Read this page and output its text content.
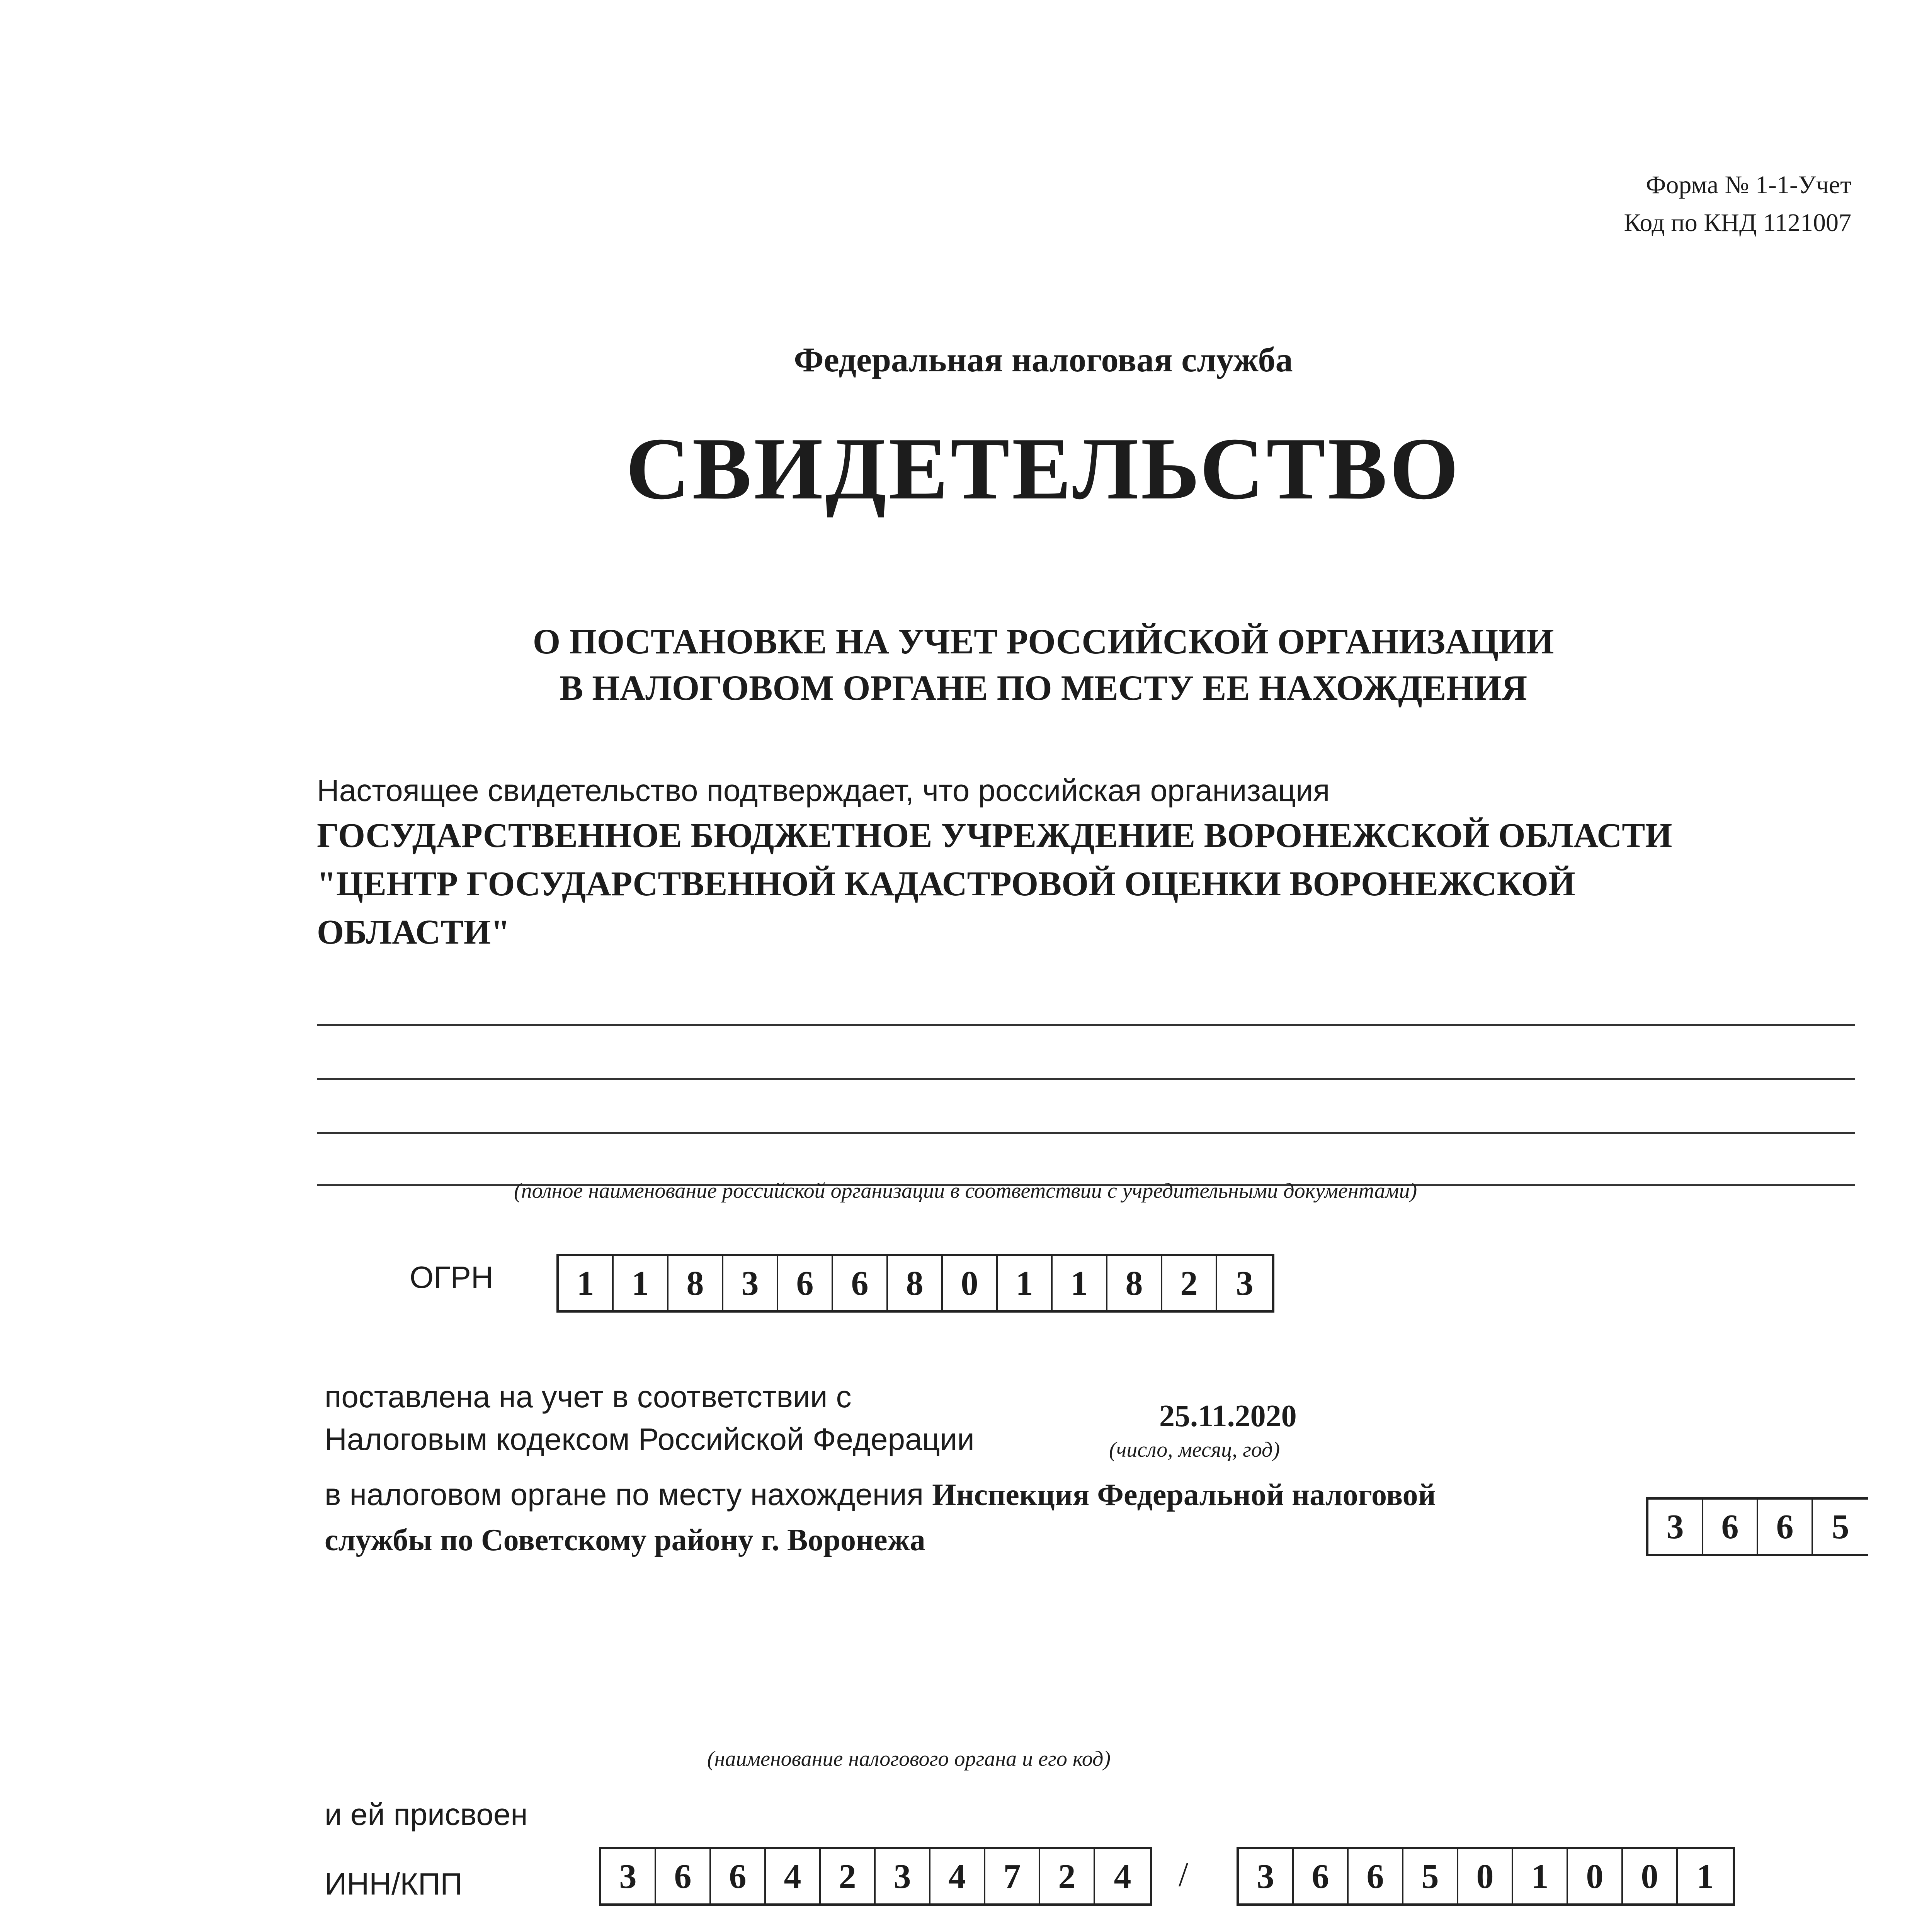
Форма № 1-1-Учет
Код по КНД 1121007
Федеральная налоговая служба
СВИДЕТЕЛЬСТВО
О ПОСТАНОВКЕ НА УЧЕТ РОССИЙСКОЙ ОРГАНИЗАЦИИ
В НАЛОГОВОМ ОРГАНЕ ПО МЕСТУ ЕЕ НАХОЖДЕНИЯ
Настоящее свидетельство подтверждает, что российская организация
ГОСУДАРСТВЕННОЕ БЮДЖЕТНОЕ УЧРЕЖДЕНИЕ ВОРОНЕЖСКОЙ ОБЛАСТИ
"ЦЕНТР ГОСУДАРСТВЕННОЙ КАДАСТРОВОЙ ОЦЕНКИ ВОРОНЕЖСКОЙ
ОБЛАСТИ"
(полное наименование российской организации в соответствии с учредительными документами)
ОГРН	1	1	8	3	6	6	8	0	1	1	8	2	3
поставлена на учет в соответствии с
Налоговым кодексом Российской Федерации
25.11.2020
(число, месяц, год)
в налоговом органе по месту нахождения Инспекция Федеральной налоговой
службы по Советскому району г. Воронежа	3	6	6	5
(наименование налогового органа и его код)
и ей присвоен
ИНН/КПП	3	6	6	4	2	3	4	7	2	4	/	3	6	6	5	0	1	0	0	1
